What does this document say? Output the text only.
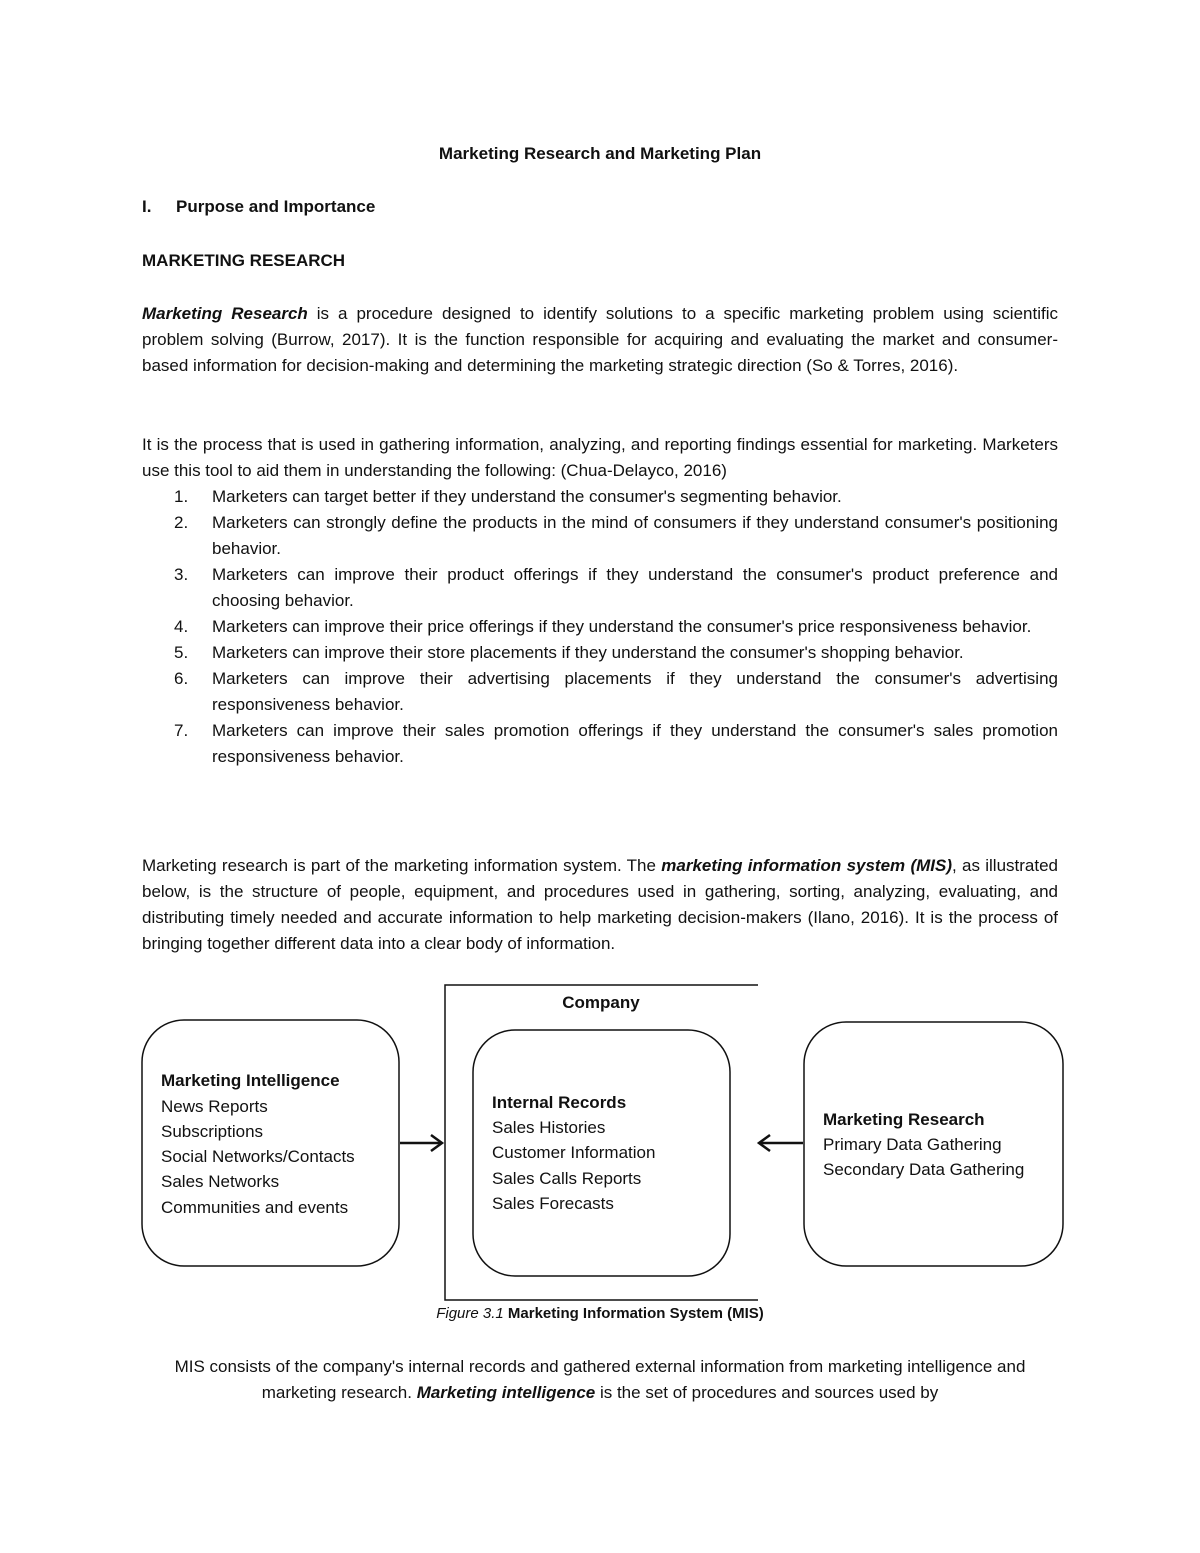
Marketing Research and Marketing Plan
I. Purpose and Importance
MARKETING RESEARCH
Marketing Research is a procedure designed to identify solutions to a specific marketing problem using scientific problem solving (Burrow, 2017). It is the function responsible for acquiring and evaluating the market and consumer-based information for decision-making and determining the marketing strategic direction (So & Torres, 2016).
It is the process that is used in gathering information, analyzing, and reporting findings essential for marketing. Marketers use this tool to aid them in understanding the following: (Chua-Delayco, 2016)
1. Marketers can target better if they understand the consumer's segmenting behavior.
2. Marketers can strongly define the products in the mind of consumers if they understand consumer's positioning behavior.
3. Marketers can improve their product offerings if they understand the consumer's product preference and choosing behavior.
4. Marketers can improve their price offerings if they understand the consumer's price responsiveness behavior.
5. Marketers can improve their store placements if they understand the consumer's shopping behavior.
6. Marketers can improve their advertising placements if they understand the consumer's advertising responsiveness behavior.
7. Marketers can improve their sales promotion offerings if they understand the consumer's sales promotion responsiveness behavior.
Marketing research is part of the marketing information system. The marketing information system (MIS), as illustrated below, is the structure of people, equipment, and procedures used in gathering, sorting, analyzing, evaluating, and distributing timely needed and accurate information to help marketing decision-makers (Ilano, 2016). It is the process of bringing together different data into a clear body of information.
Company
Marketing Intelligence
News Reports
Subscriptions
Social Networks/Contacts
Sales Networks
Communities and events
Internal Records
Sales Histories
Customer Information
Sales Calls Reports
Sales Forecasts
Marketing Research
Primary Data Gathering
Secondary Data Gathering
Figure 3.1 Marketing Information System (MIS)
MIS consists of the company's internal records and gathered external information from marketing intelligence and marketing research. Marketing intelligence is the set of procedures and sources used by
